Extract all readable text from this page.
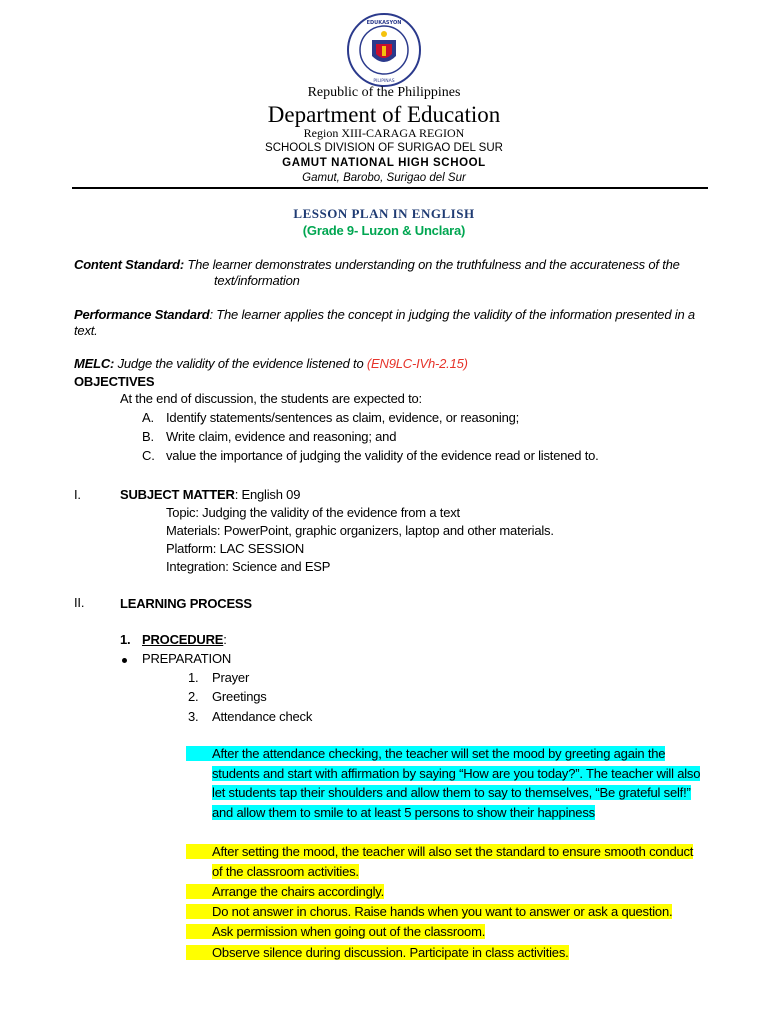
EDUKASYON
PILIPINAS
Republic of the Philippines
Department of Education
Region XIII-CARAGA REGION
SCHOOLS DIVISION OF SURIGAO DEL SUR
GAMUT NATIONAL HIGH SCHOOL
Gamut, Barobo, Surigao del Sur
LESSON PLAN IN ENGLISH
(Grade 9- Luzon & Unclara)
Content Standard: The learner demonstrates understanding on the truthfulness and the accurateness of the
text/information
Performance Standard: The learner applies the concept in judging the validity of the information presented in a
text.
MELC: Judge the validity of the evidence listened to (EN9LC-IVh-2.15)
OBJECTIVES
At the end of discussion, the students are expected to:
A. Identify statements/sentences as claim, evidence, or reasoning;
B. Write claim, evidence and reasoning; and
C. value the importance of judging the validity of the evidence read or listened to.
I.	SUBJECT MATTER: English 09
Topic: Judging the validity of the evidence from a text
Materials: PowerPoint, graphic organizers, laptop and other materials.
Platform: LAC SESSION
Integration: Science and ESP
II.	LEARNING PROCESS
1. PROCEDURE:
PREPARATION
1. Prayer
2. Greetings
3. Attendance check
After the attendance checking, the teacher will set the mood by greeting again the
students and start with affirmation by saying “How are you today?”. The teacher will also
let students tap their shoulders and allow them to say to themselves, “Be grateful self!”
and allow them to smile to at least 5 persons to show their happiness
After setting the mood, the teacher will also set the standard to ensure smooth conduct
of the classroom activities.
Arrange the chairs accordingly.
Do not answer in chorus. Raise hands when you want to answer or ask a question.
Ask permission when going out of the classroom.
Observe silence during discussion. Participate in class activities.
